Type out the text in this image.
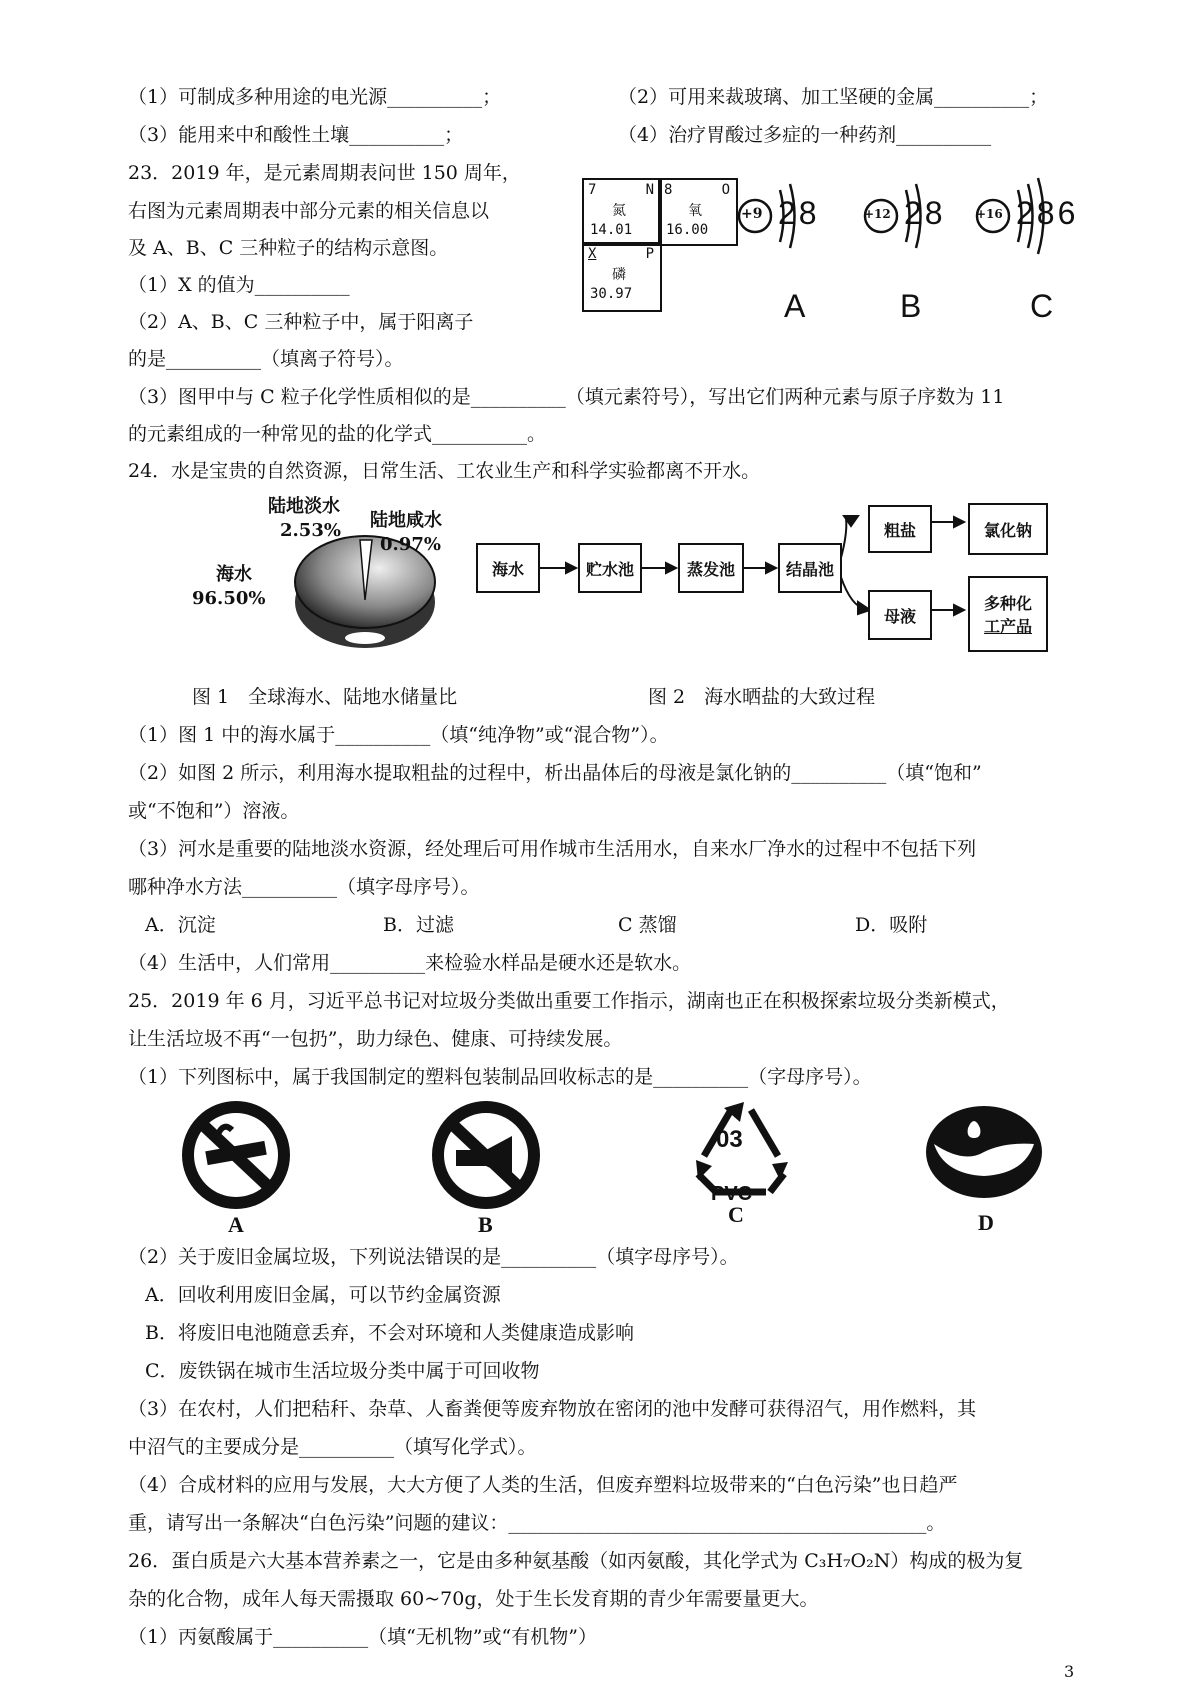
（1）可制成多种用途的电光源__________；	（2）可用来裁玻璃、加工坚硬的金属__________；
（3）能用来中和酸性土壤__________；	（4）治疗胃酸过多症的一种药剂__________
23．2019 年，是元素周期表问世 150 周年，
右图为元素周期表中部分元素的相关信息以
及 A、B、C 三种粒子的结构示意图。
（1）X 的值为__________
（2）A、B、C 三种粒子中，属于阳离子
的是__________（填离子符号）。
（3）图甲中与 C 粒子化学性质相似的是__________（填元素符号），写出它们两种元素与原子序数为 11
的元素组成的一种常见的盐的化学式__________。
7	N
氮
14.01
8	O
氧
16.00
X	P
磷
30.97
+9 28
A
+12 28
B
+16 286
C
24．水是宝贵的自然资源，日常生活、工农业生产和科学实验都离不开水。
陆地淡水
2.53% 陆地咸水
0.97%
海水
96.50%
海水	贮水池	蒸发池	结晶池
粗盐	氯化钠
母液
多种化
工产品
图 1　全球海水、陆地水储量比	图 2　海水晒盐的大致过程
（1）图 1 中的海水属于__________（填“纯净物”或“混合物”）。
（2）如图 2 所示，利用海水提取粗盐的过程中，析出晶体后的母液是氯化钠的__________（填“饱和”
或“不饱和”）溶液。
（3）河水是重要的陆地淡水资源，经处理后可用作城市生活用水，自来水厂净水的过程中不包括下列
哪种净水方法__________（填字母序号）。
A．沉淀	B．过滤	C 蒸馏	D．吸附
（4）生活中，人们常用__________来检验水样品是硬水还是软水。
25．2019 年 6 月，习近平总书记对垃圾分类做出重要工作指示，湖南也正在积极探索垃圾分类新模式，
让生活垃圾不再“一包扔”，助力绿色、健康、可持续发展。
（1）下列图标中，属于我国制定的塑料包装制品回收标志的是__________（字母序号）。
A	B
03
PVC
C	D
（2）关于废旧金属垃圾，下列说法错误的是__________（填字母序号）。
A．回收利用废旧金属，可以节约金属资源
B．将废旧电池随意丢弃，不会对环境和人类健康造成影响
C．废铁锅在城市生活垃圾分类中属于可回收物
（3）在农村，人们把秸秆、杂草、人畜粪便等废弃物放在密闭的池中发酵可获得沼气，用作燃料，其
中沼气的主要成分是__________（填写化学式）。
（4）合成材料的应用与发展，大大方便了人类的生活，但废弃塑料垃圾带来的“白色污染”也日趋严
重，请写出一条解决“白色污染”问题的建议：____________________________________________。
26．蛋白质是六大基本营养素之一，它是由多种氨基酸（如丙氨酸，其化学式为 C₃H₇O₂N）构成的极为复
杂的化合物，成年人每天需摄取 60~70g，处于生长发育期的青少年需要量更大。
（1）丙氨酸属于__________（填“无机物”或“有机物”）
3
